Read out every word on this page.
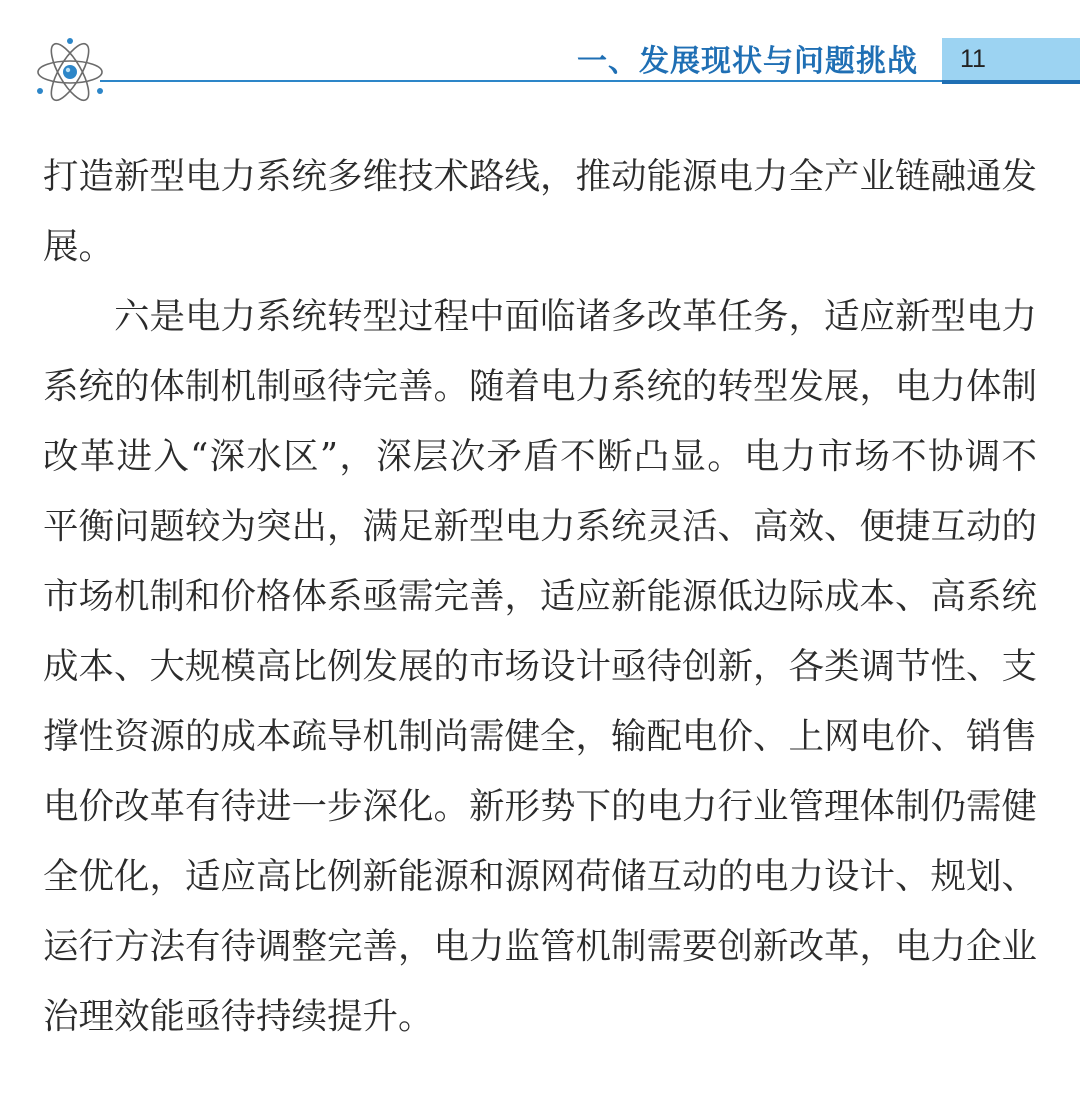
一、发展现状与问题挑战 11

打造新型电力系统多维技术路线，推动能源电力全产业链融通发展。

六是电力系统转型过程中面临诸多改革任务，适应新型电力系统的体制机制亟待完善。随着电力系统的转型发展，电力体制改革进入“深水区”，深层次矛盾不断凸显。电力市场不协调不平衡问题较为突出，满足新型电力系统灵活、高效、便捷互动的市场机制和价格体系亟需完善，适应新能源低边际成本、高系统成本、大规模高比例发展的市场设计亟待创新，各类调节性、支撑性资源的成本疏导机制尚需健全，输配电价、上网电价、销售电价改革有待进一步深化。新形势下的电力行业管理体制仍需健全优化，适应高比例新能源和源网荷储互动的电力设计、规划、运行方法有待调整完善，电力监管机制需要创新改革，电力企业治理效能亟待持续提升。
